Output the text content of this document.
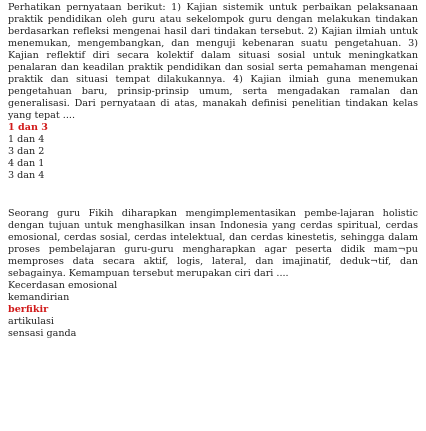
Perhatikan pernyataan berikut: 1) Kajian sistemik untuk perbaikan pelaksanaan praktik pendidikan oleh guru atau sekelompok guru dengan melakukan tindakan berdasarkan refleksi mengenai hasil dari tindakan tersebut. 2) Kajian ilmiah untuk menemukan, mengembangkan, dan menguji kebenaran suatu pengetahuan. 3) Kajian reflektif diri secara kolektif dalam situasi sosial untuk meningkatkan penalaran dan keadilan praktik pendidikan dan sosial serta pemahaman mengenai praktik dan situasi tempat dilakukannya. 4) Kajian ilmiah guna menemukan pengetahuan baru, prinsip-prinsip umum, serta mengadakan ramalan dan generalisasi. Dari pernyataan di atas, manakah definisi penelitian tindakan kelas yang tepat ....

1 dan 3
1 dan 4
3 dan 2
4 dan 1
3 dan 4

Seorang guru Fikih diharapkan mengimplementasikan pembe-lajaran holistic dengan tujuan untuk menghasilkan insan Indonesia yang cerdas spiritual, cerdas emosional, cerdas sosial, cerdas intelektual, dan cerdas kinestetis, sehingga dalam proses pembelajaran guru-guru mengharapkan agar peserta didik mam¬pu memproses data secara aktif, logis, lateral, dan imajinatif, deduk¬tif, dan sebagainya. Kemampuan tersebut merupakan ciri dari ....

Kecerdasan emosional
kemandirian
berfikir
artikulasi
sensasi ganda
